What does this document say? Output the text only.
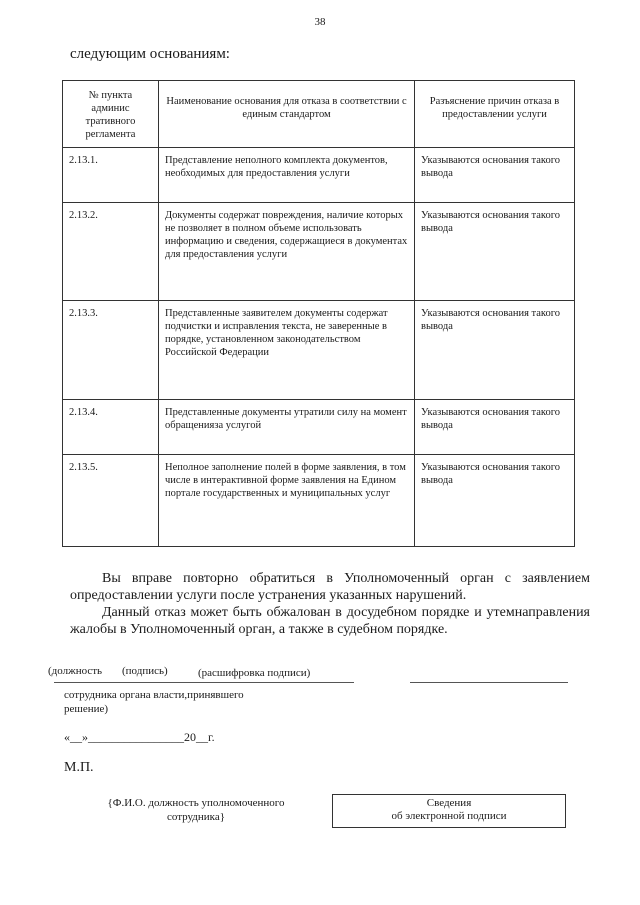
38
следующим основаниям:
№ пункта админис тративного регламента	Наименование основания для отказа в соответствии с единым стандартом	Разъяснение причин отказа в предоставлении услуги
2.13.1.	Представление неполного комплекта документов, необходимых для предоставления услуги	Указываются основания такого вывода
2.13.2.	Документы содержат повреждения, наличие которых не позволяет в полном объеме использовать информацию и сведения, содержащиеся в документах для предоставления услуги	Указываются основания такого вывода
2.13.3.	Представленные заявителем документы содержат подчистки и исправления текста, не заверенные в порядке, установленном законодательством Российской Федерации	Указываются основания такого вывода
2.13.4.	Представленные документы утратили силу на момент обращенияза услугой	Указываются основания такого вывода
2.13.5.	Неполное заполнение полей в форме заявления, в том числе в интерактивной форме заявления на Едином портале государственных и муниципальных услуг	Указываются основания такого вывода
Вы вправе повторно обратиться в Уполномоченный орган с заявлением опредоставлении услуги после устранения указанных нарушений.
Данный отказ может быть обжалован в досудебном порядке и утемнаправления жалобы в Уполномоченный орган, а также в судебном порядке.
(должность (подпись)	(расшифровка подписи)
сотрудника органа власти,принявшего
решение)
«__»________________20__г.
М.П.
{Ф.И.О. должность уполномоченного
сотрудника}
Сведения
об электронной подписи
